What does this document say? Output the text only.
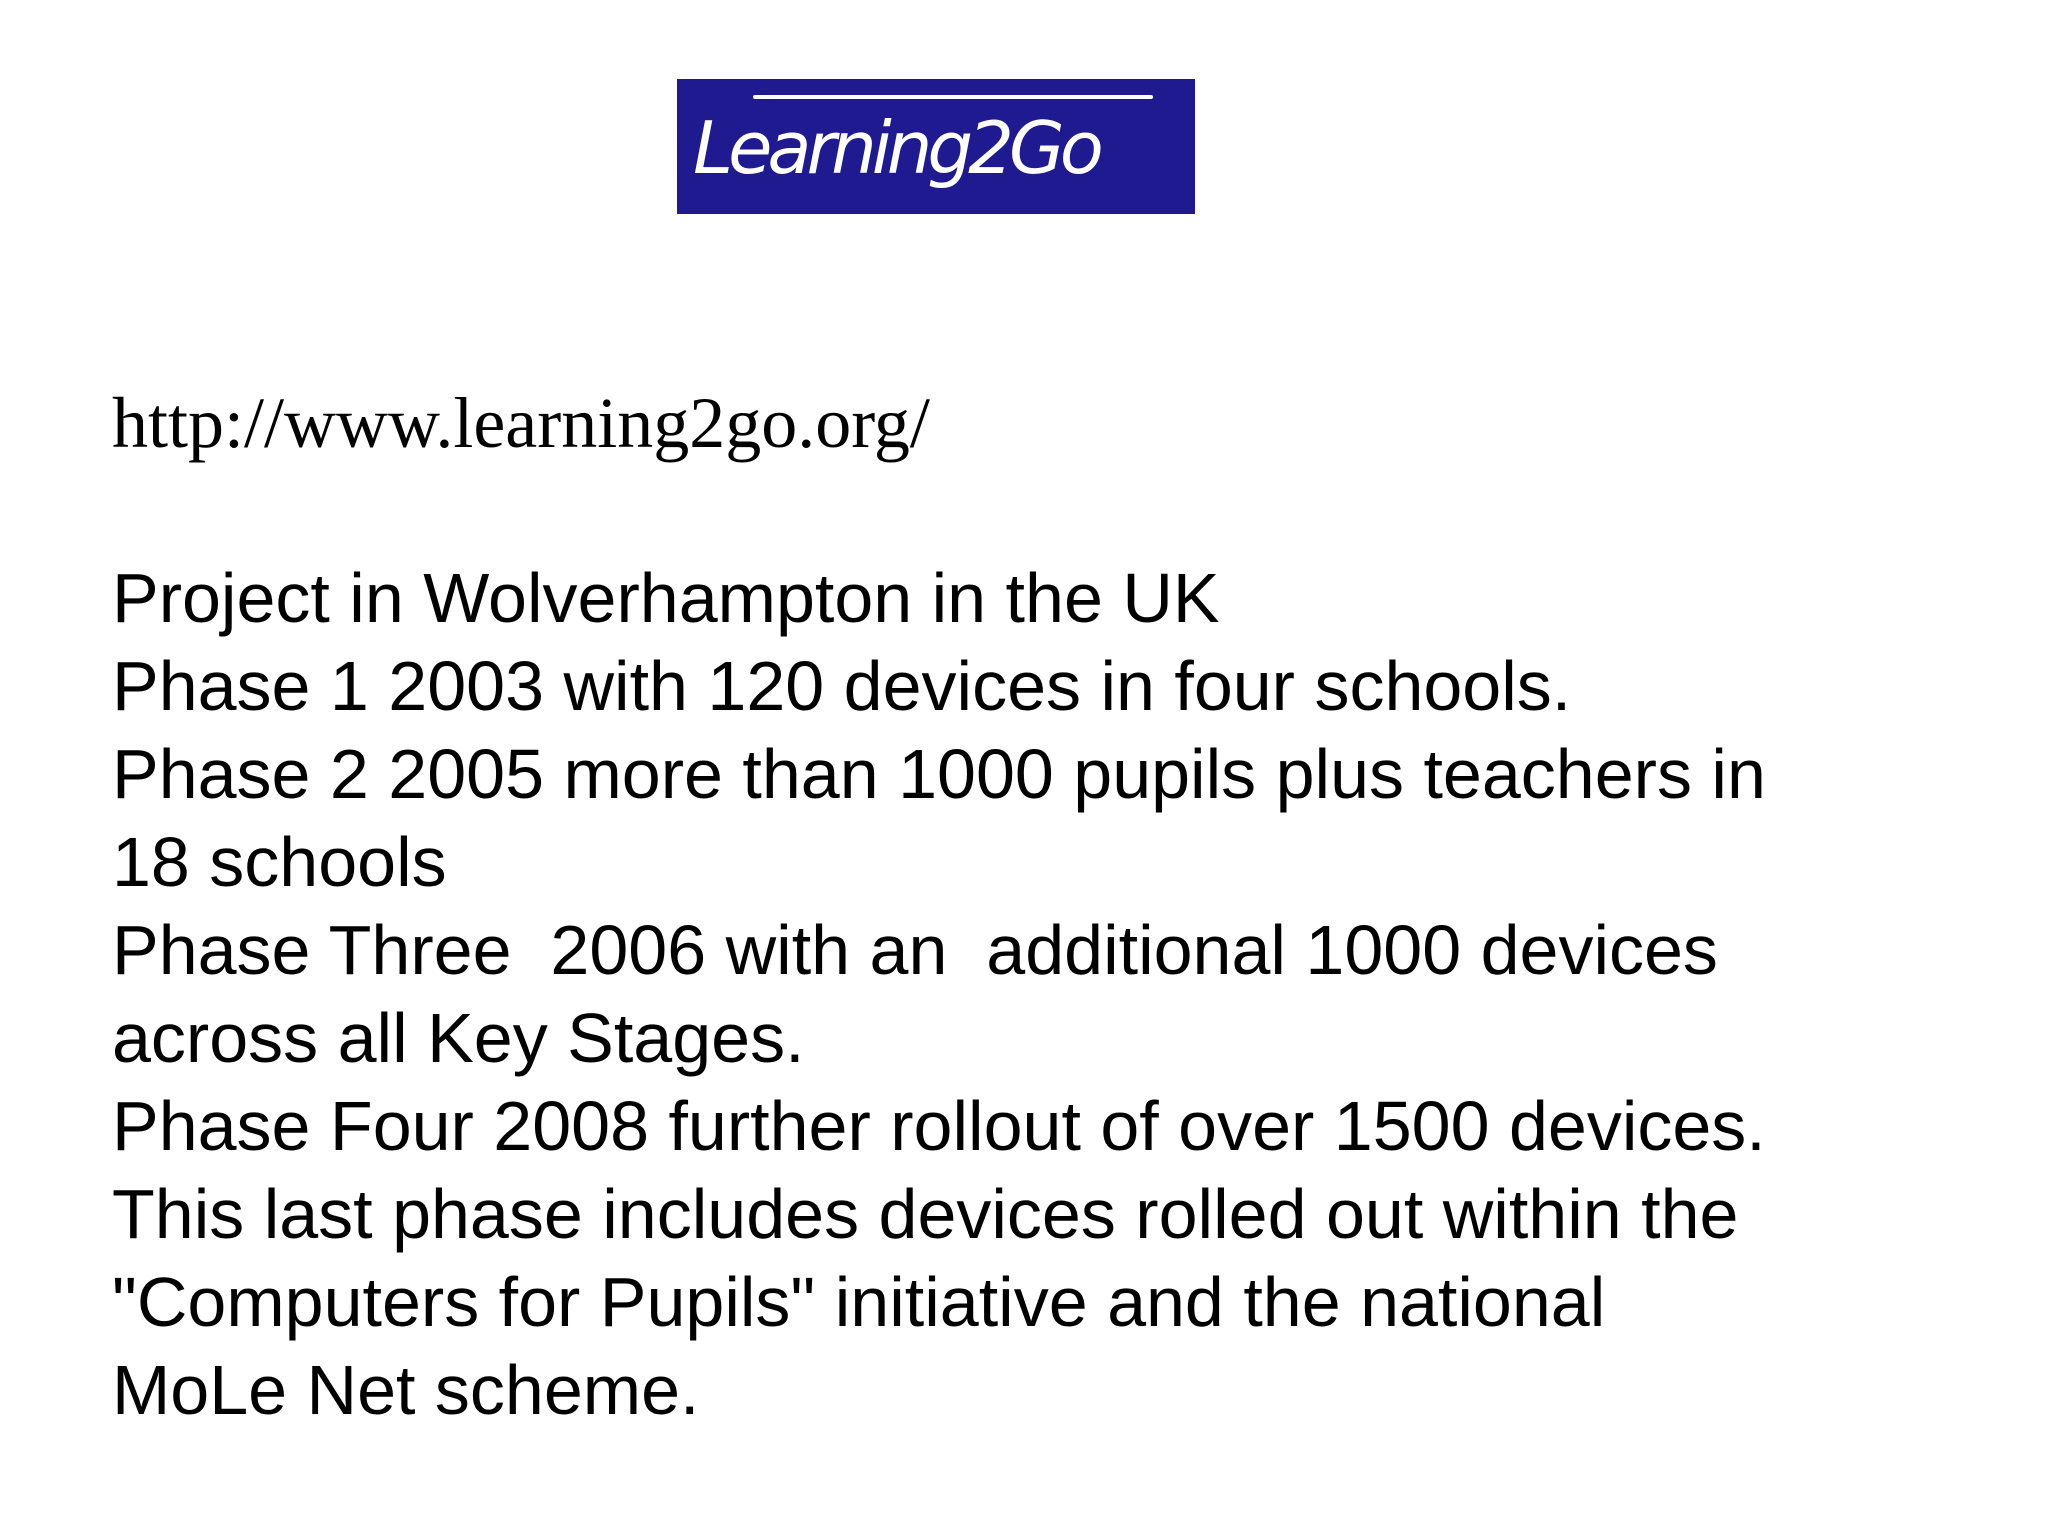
Learning2Go
http://www.learning2go.org/

Project in Wolverhampton in the UK

Phase 1 2003 with 120 devices in four schools.

Phase 2 2005 more than 1000 pupils plus teachers in

18 schools

Phase Three  2006 with an  additional 1000 devices

across all Key Stages.

Phase Four 2008 further rollout of over 1500 devices.

This last phase includes devices rolled out within the

"Computers for Pupils" initiative and the national

MoLe Net scheme.
